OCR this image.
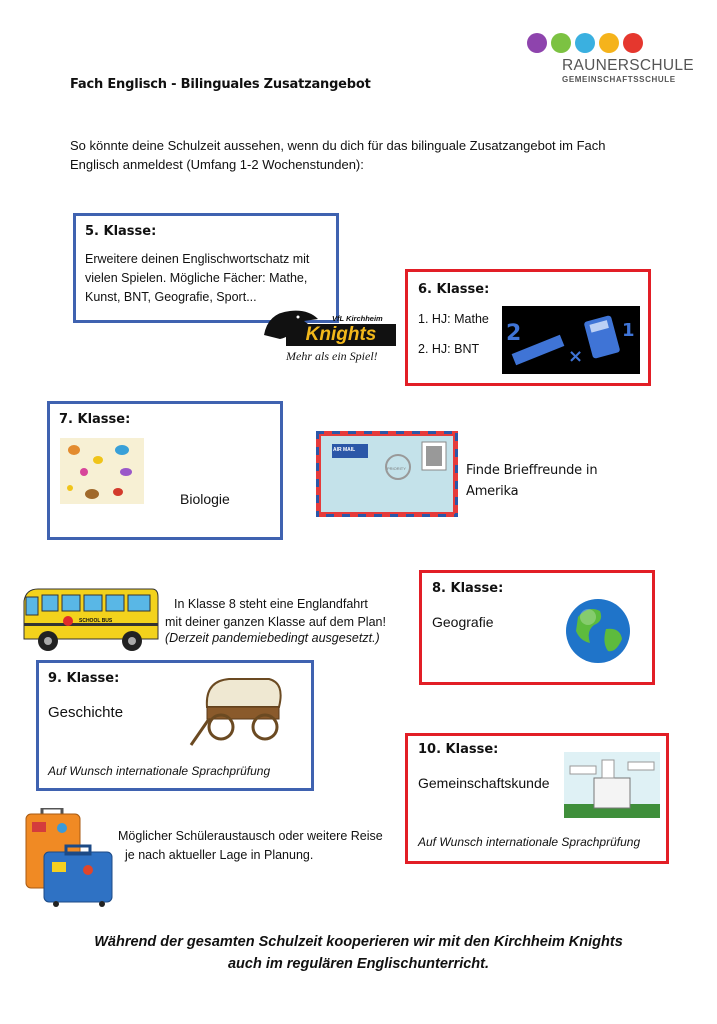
RAUNERSCHULE
GEMEINSCHAFTSSCHULE
Fach Englisch - Bilinguales Zusatzangebot
So könnte deine Schulzeit aussehen, wenn du dich für das bilinguale Zusatzangebot im Fach Englisch anmeldest (Umfang 1-2 Wochenstunden):
5. Klasse:
Erweitere deinen Englischwortschatz mit vielen Spielen. Mögliche Fächer: Mathe, Kunst, BNT, Geografie, Sport...
VfL Kirchheim
Knights
Mehr als ein Spiel!
6. Klasse:
1. HJ: Mathe
2. HJ: BNT
2
×
1
7. Klasse:
Biologie
AIR MAIL
PRIORITY	Finde Brieffreunde in Amerika
SCHOOL BUS
In Klasse 8 steht eine Englandfahrt
mit deiner ganzen Klasse auf dem Plan!
(Derzeit pandemiebedingt ausgesetzt.)
8. Klasse:
Geografie
9. Klasse:
Geschichte
Auf Wunsch internationale Sprachprüfung
10. Klasse:
Gemeinschaftskunde
Auf Wunsch internationale Sprachprüfung
Möglicher Schüleraustausch oder weitere Reise
je nach aktueller Lage in Planung.
Während der gesamten Schulzeit kooperieren wir mit den Kirchheim Knights
auch im regulären Englischunterricht.
